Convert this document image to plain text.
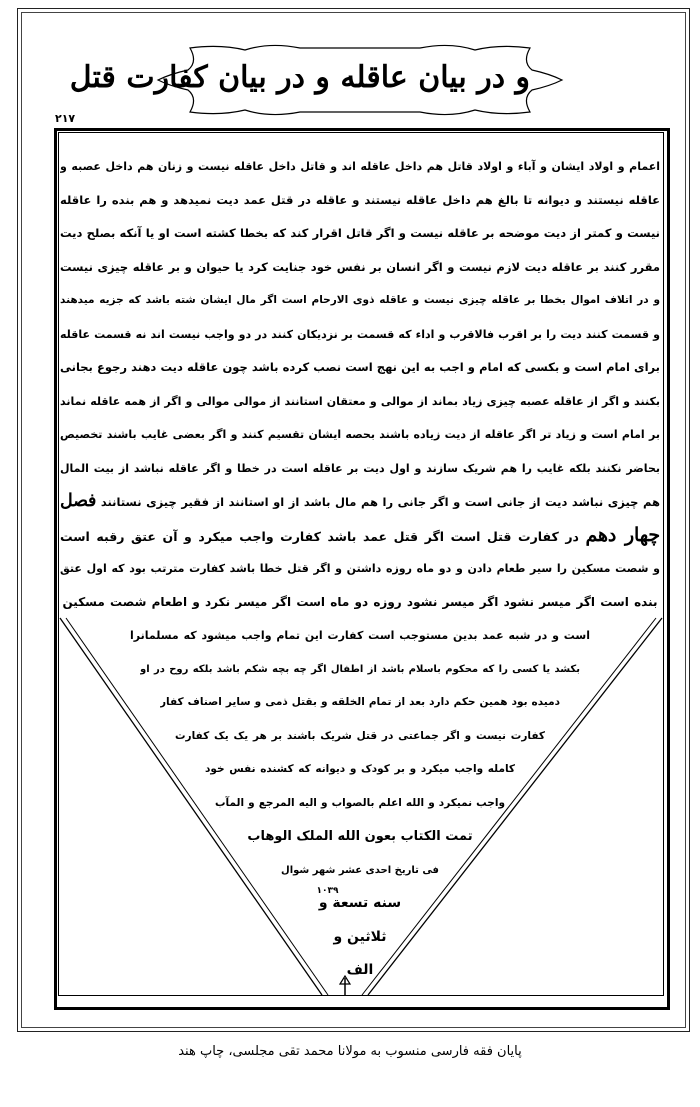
و در بیان عاقله و در بیان کفارت قتل
۲۱۷
اعمام و اولاد ایشان و آباء و اولاد قاتل هم داخل عاقله اند و قاتل داخل عاقله نیست و زنان هم داخل عصبه و
عاقله نیستند و دیوانه تا بالغ هم داخل عاقله نیستند و عاقله در قتل عمد دیت نمیدهد و هم بنده را عاقله
نیست و کمتر از دیت موضحه بر عاقله نیست و اگر قاتل اقرار کند که بخطا کشته است او یا آنکه بصلح دیت
مقرر کنند بر عاقله دیت لازم نیست و اگر انسان بر نفس خود جنایت کرد یا حیوان و بر عاقله چیزی نیست
و در اتلاف اموال بخطا بر عاقله چیزی نیست و عاقله ذوی الارحام است اگر مال ایشان شته باشد که جزیه میدهند
و قسمت کنند دیت را بر اقرب فالاقرب و اداء که قسمت بر نزدیکان کنند در دو واجب نیست اند نه قسمت عاقله
برای امام است و بکسی که امام و اجب به این نهج است نصب کرده باشد چون عاقله دیت دهند رجوع بجانی
بکنند و اگر از عاقله عصبه چیزی زیاد بماند از موالی و معتقان استانند از موالی موالی و اگر از همه عاقله نماند
بر امام است و زیاد تر اگر عاقله از دیت زیاده باشند بحصه ایشان تقسیم کنند و اگر بعضی غایب باشند تخصیص
بحاضر نکنند بلکه غایب را هم شریک سازند و اول دیت بر عاقله است در خطا و اگر عاقله نباشد از بیت المال
هم چیزی نباشد دیت از جانی است و اگر جانی را هم مال باشد از او استانند از فقیر چیزی نستانند فصل
چهار دهم در کفارت قتل است اگر قتل عمد باشد کفارت واجب میکرد و آن عتق رقبه است
و شصت مسکین را سیر طعام دادن و دو ماه روزه داشتن و اگر قتل خطا باشد کفارت مترتب بود که اول عتق
بنده است اگر میسر نشود اگر میسر نشود روزه دو ماه است اگر میسر نکرد و اطعام شصت مسکین
است و در شبه عمد بدین مستوجب است کفارت این تمام واجب میشود که مسلمانرا
بکشد یا کسی را که محکوم باسلام باشد از اطفال اگر چه بچه شکم باشد بلکه روح در او
دمیده بود همین حکم دارد بعد از تمام الخلقه و بقتل ذمی و سایر اصناف کفار
کفارت نیست و اگر جماعتی در قتل شریک باشند بر هر یک یک کفارت
کامله واجب میکرد و بر کودک و دیوانه که کشنده نفس خود
واجب نمیکرد و الله اعلم بالصواب و الیه المرجع و المآب
تمت الکتاب بعون الله الملک الوهاب
فی تاریخ احدی عشر شهر شوال
سنه تسعة و
۱۰۳۹
ثلاثین و
الف
پایان فقه فارسی منسوب به مولانا محمد تقی مجلسی، چاپ هند
